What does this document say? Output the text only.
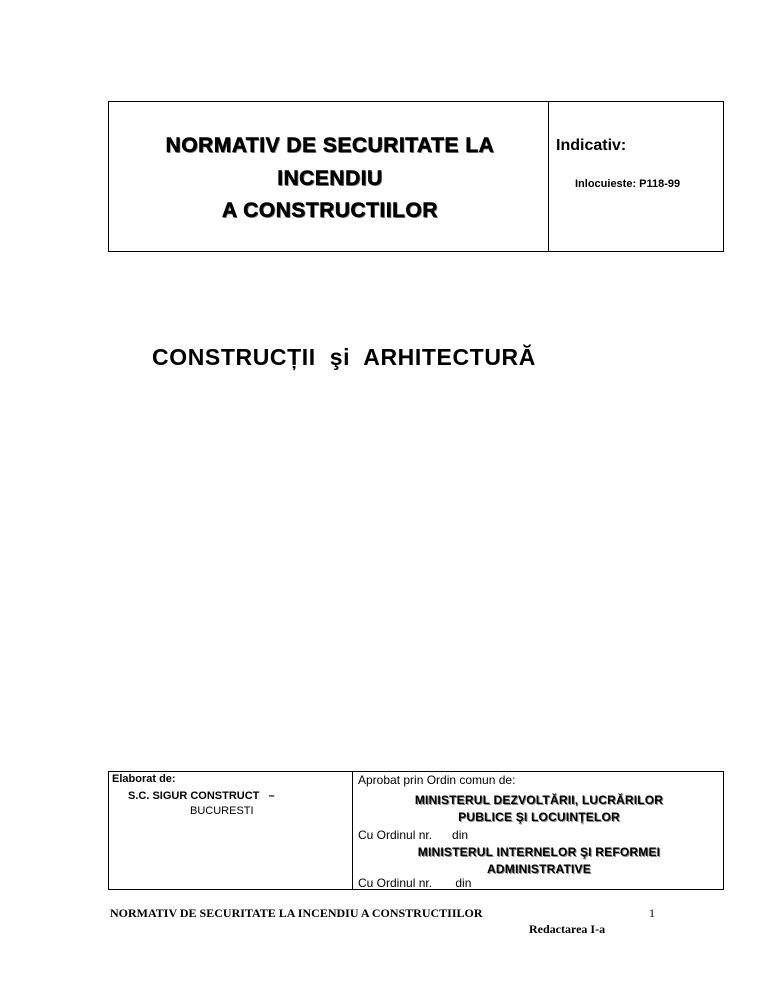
NORMATIV DE SECURITATE LA
INCENDIU
A CONSTRUCTIILOR
Indicativ:
Inlocuieste: P118-99
CONSTRUCȚII  şi  ARHITECTURĂ
Elaborat de:
S.C. SIGUR CONSTRUCT   –
BUCURESTI
Aprobat prin Ordin comun de:
MINISTERUL DEZVOLTĂRII, LUCRĂRILOR
PUBLICE ŞI LOCUINȚELOR
Cu Ordinul nr.      din
MINISTERUL INTERNELOR ŞI REFORMEI
ADMINISTRATIVE
Cu Ordinul nr.       din
NORMATIV DE SECURITATE LA INCENDIU A CONSTRUCTIILOR	1
Redactarea I-a
